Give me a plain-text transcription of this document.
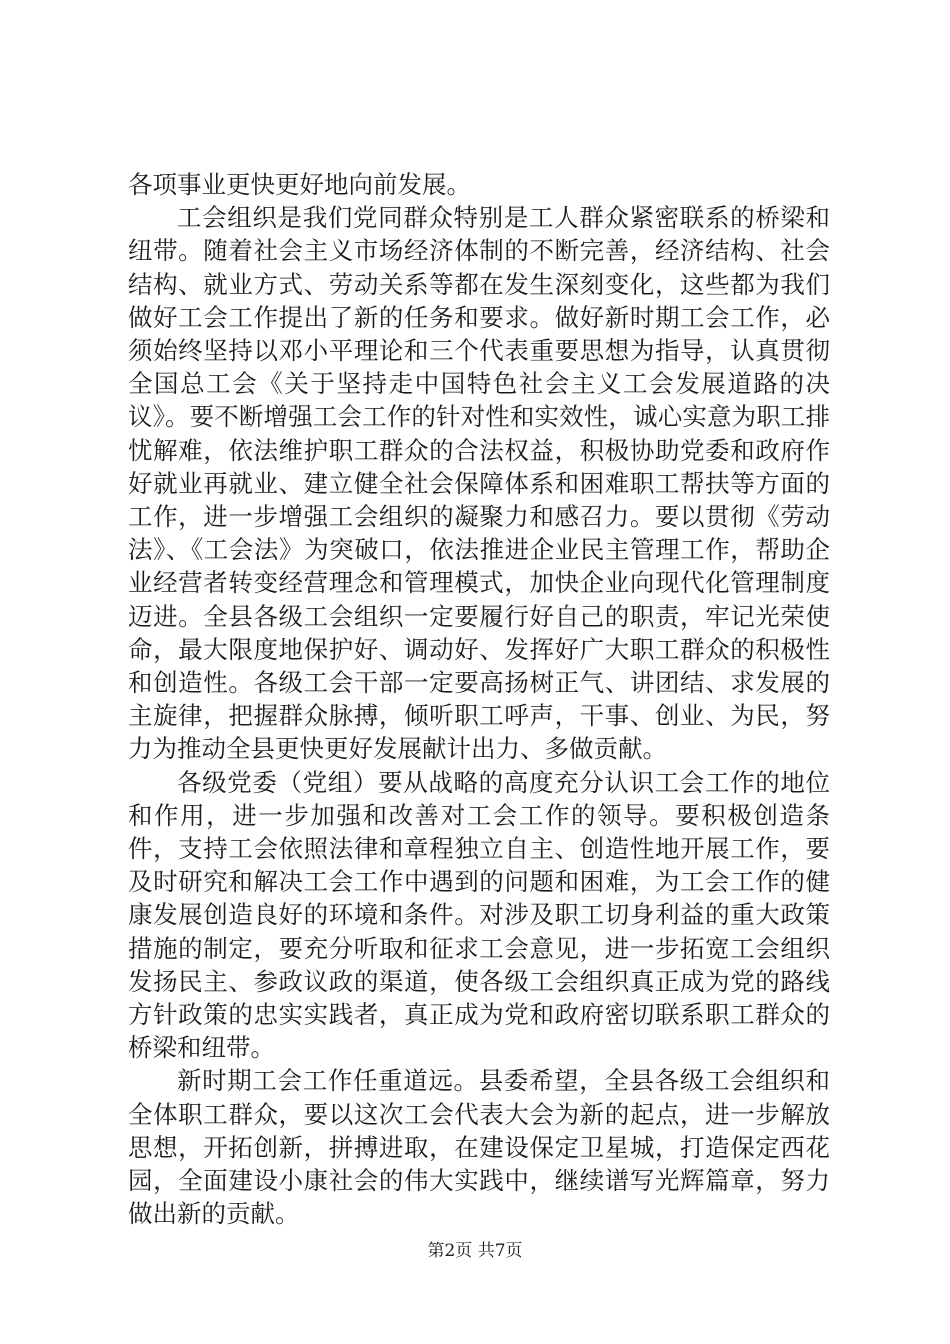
各项事业更快更好地向前发展。

工会组织是我们党同群众特别是工人群众紧密联系的桥梁和纽带。随着社会主义市场经济体制的不断完善，经济结构、社会结构、就业方式、劳动关系等都在发生深刻变化，这些都为我们做好工会工作提出了新的任务和要求。做好新时期工会工作，必须始终坚持以邓小平理论和三个代表重要思想为指导，认真贯彻全国总工会《关于坚持走中国特色社会主义工会发展道路的决议》。要不断增强工会工作的针对性和实效性，诚心实意为职工排忧解难，依法维护职工群众的合法权益，积极协助党委和政府作好就业再就业、建立健全社会保障体系和困难职工帮扶等方面的工作，进一步增强工会组织的凝聚力和感召力。要以贯彻《劳动法》、《工会法》为突破口，依法推进企业民主管理工作，帮助企业经营者转变经营理念和管理模式，加快企业向现代化管理制度迈进。全县各级工会组织一定要履行好自己的职责，牢记光荣使命，最大限度地保护好、调动好、发挥好广大职工群众的积极性和创造性。各级工会干部一定要高扬树正气、讲团结、求发展的主旋律，把握群众脉搏，倾听职工呼声，干事、创业、为民，努力为推动全县更快更好发展献计出力、多做贡献。

各级党委（党组）要从战略的高度充分认识工会工作的地位和作用，进一步加强和改善对工会工作的领导。要积极创造条件，支持工会依照法律和章程独立自主、创造性地开展工作，要及时研究和解决工会工作中遇到的问题和困难，为工会工作的健康发展创造良好的环境和条件。对涉及职工切身利益的重大政策措施的制定，要充分听取和征求工会意见，进一步拓宽工会组织发扬民主、参政议政的渠道，使各级工会组织真正成为党的路线方针政策的忠实实践者，真正成为党和政府密切联系职工群众的桥梁和纽带。

新时期工会工作任重道远。县委希望，全县各级工会组织和全体职工群众，要以这次工会代表大会为新的起点，进一步解放思想，开拓创新，拼搏进取，在建设保定卫星城，打造保定西花园，全面建设小康社会的伟大实践中，继续谱写光辉篇章，努力做出新的贡献。

第2页 共7页
